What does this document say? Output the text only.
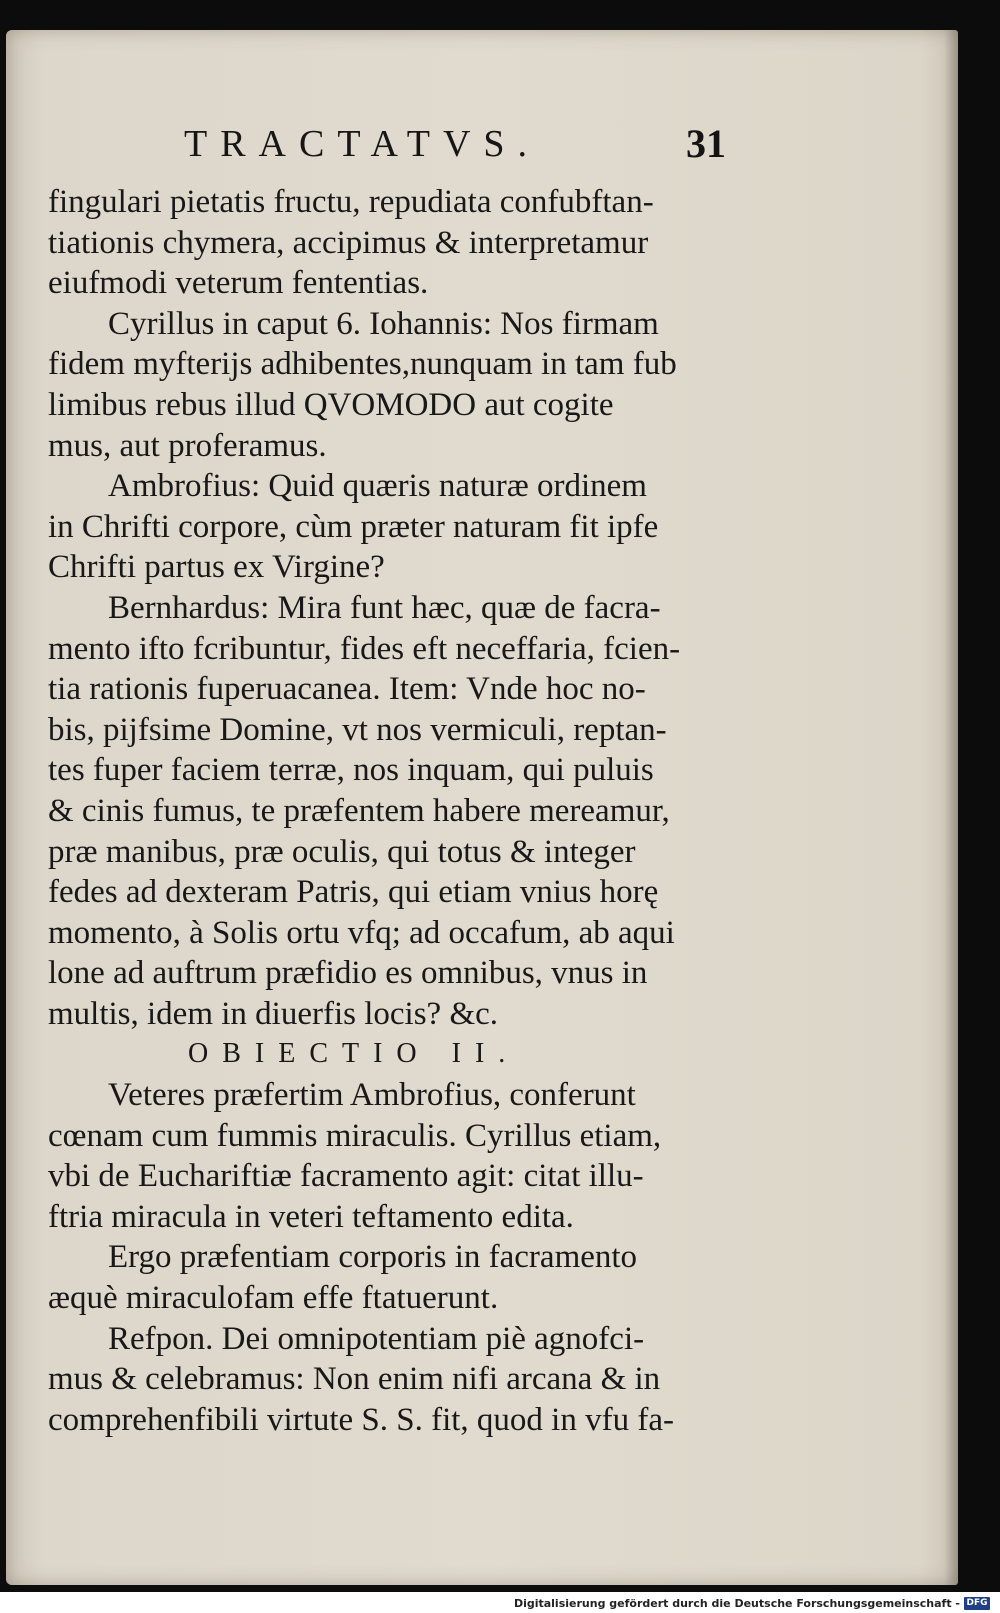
TRACTATVS.	31
fingulari pietatis fructu, repudiata confubftan-
tiationis chymera, accipimus & interpretamur
eiufmodi veterum fententias.
Cyrillus in caput 6. Iohannis: Nos firmam
fidem myfterijs adhibentes,nunquam in tam fub
limibus rebus illud QVOMODO aut cogite
mus, aut proferamus.
Ambrofius: Quid quæris naturæ ordinem
in Chrifti corpore, cùm præter naturam fit ipfe
Chrifti partus ex Virgine?
Bernhardus: Mira funt hæc, quæ de facra-
mento ifto fcribuntur, fides eft neceffaria, fcien-
tia rationis fuperuacanea. Item: Vnde hoc no-
bis, pijfsime Domine, vt nos vermiculi, reptan-
tes fuper faciem terræ, nos inquam, qui puluis
& cinis fumus, te præfentem habere mereamur,
præ manibus, præ oculis, qui totus & integer
fedes ad dexteram Patris, qui etiam vnius horę
momento, à Solis ortu vfq; ad occafum, ab aqui
lone ad auftrum præfidio es omnibus, vnus in
multis, idem in diuerfis locis? &c.
OBIECTIO II.
Veteres præfertim Ambrofius, conferunt
cœnam cum fummis miraculis. Cyrillus etiam,
vbi de Euchariftiæ facramento agit: citat illu-
ftria miracula in veteri teftamento edita.
Ergo præfentiam corporis in facramento
æquè miraculofam effe ftatuerunt.
Refpon. Dei omnipotentiam piè agnofci-
mus & celebramus: Non enim nifi arcana & in
comprehenfibili virtute S. S. fit, quod in vfu fa-
Digitalisierung gefördert durch die Deutsche Forschungsgemeinschaft - DFG
